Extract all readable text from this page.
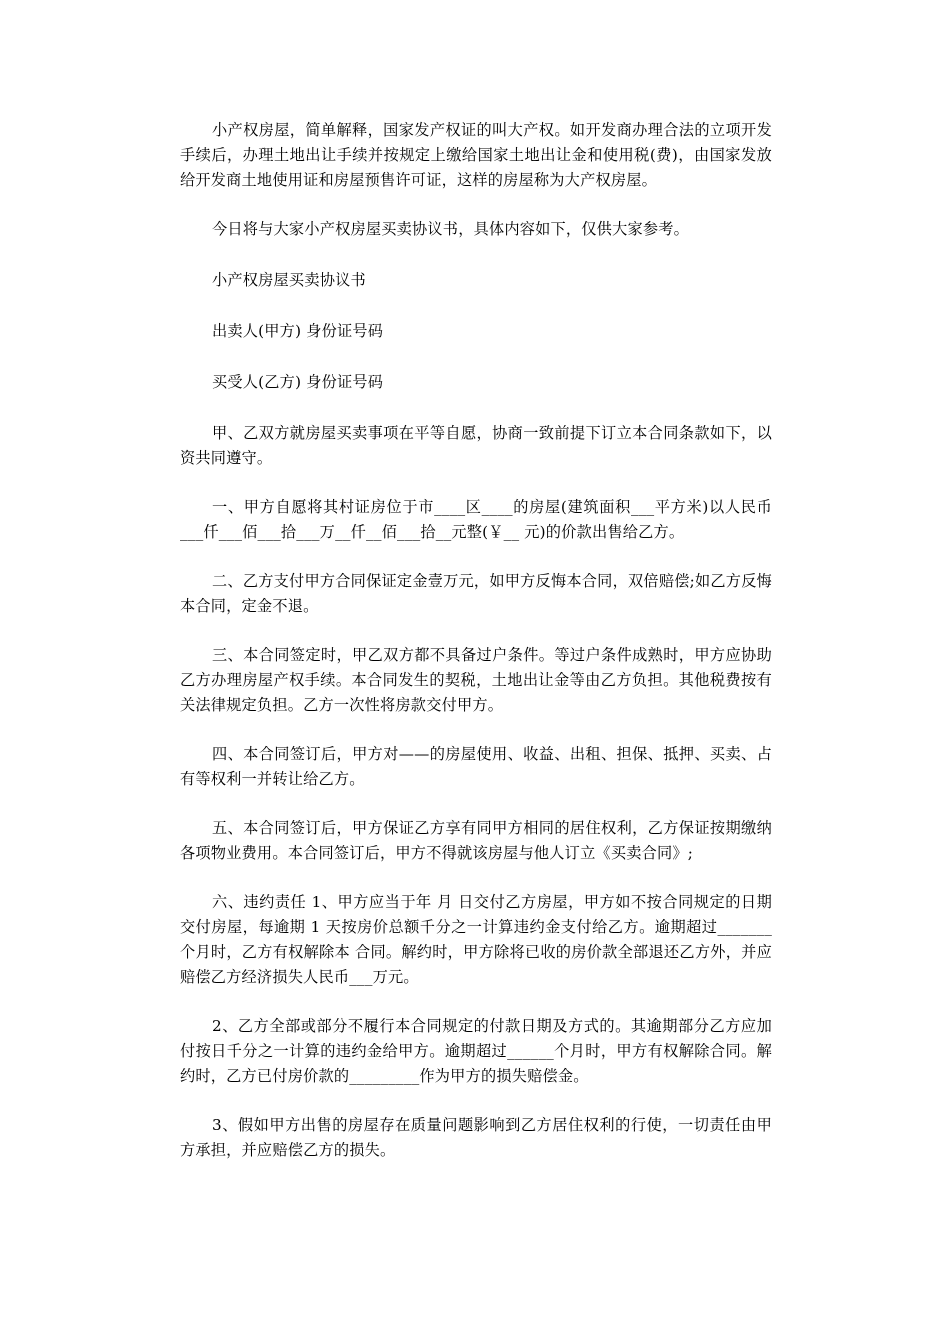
小产权房屋，简单解释，国家发产权证的叫大产权。如开发商办理合法的立项开发手续后，办理土地出让手续并按规定上缴给国家土地出让金和使用税(费)，由国家发放给开发商土地使用证和房屋预售许可证，这样的房屋称为大产权房屋。

今日将与大家小产权房屋买卖协议书，具体内容如下，仅供大家参考。

小产权房屋买卖协议书

出卖人(甲方) 身份证号码

买受人(乙方) 身份证号码

甲、乙双方就房屋买卖事项在平等自愿，协商一致前提下订立本合同条款如下，以资共同遵守。

一、甲方自愿将其村证房位于市____区____的房屋(建筑面积___平方米)以人民币___仟___佰___拾___万__仟__佰___拾__元整(￥__ 元)的价款出售给乙方。

二、乙方支付甲方合同保证定金壹万元，如甲方反悔本合同，双倍赔偿;如乙方反悔本合同，定金不退。

三、本合同签定时，甲乙双方都不具备过户条件。等过户条件成熟时，甲方应协助乙方办理房屋产权手续。本合同发生的契税，土地出让金等由乙方负担。其他税费按有关法律规定负担。乙方一次性将房款交付甲方。

四、本合同签订后，甲方对——的房屋使用、收益、出租、担保、抵押、买卖、占有等权利一并转让给乙方。

五、本合同签订后，甲方保证乙方享有同甲方相同的居住权利，乙方保证按期缴纳各项物业费用。本合同签订后，甲方不得就该房屋与他人订立《买卖合同》;

六、违约责任 1、甲方应当于年 月 日交付乙方房屋，甲方如不按合同规定的日期交付房屋，每逾期 1 天按房价总额千分之一计算违约金支付给乙方。逾期超过_______个月时，乙方有权解除本 合同。解约时，甲方除将已收的房价款全部退还乙方外，并应赔偿乙方经济损失人民币___万元。

2、乙方全部或部分不履行本合同规定的付款日期及方式的。其逾期部分乙方应加付按日千分之一计算的违约金给甲方。逾期超过______个月时，甲方有权解除合同。解约时，乙方已付房价款的_________作为甲方的损失赔偿金。

3、假如甲方出售的房屋存在质量问题影响到乙方居住权利的行使，一切责任由甲方承担，并应赔偿乙方的损失。
